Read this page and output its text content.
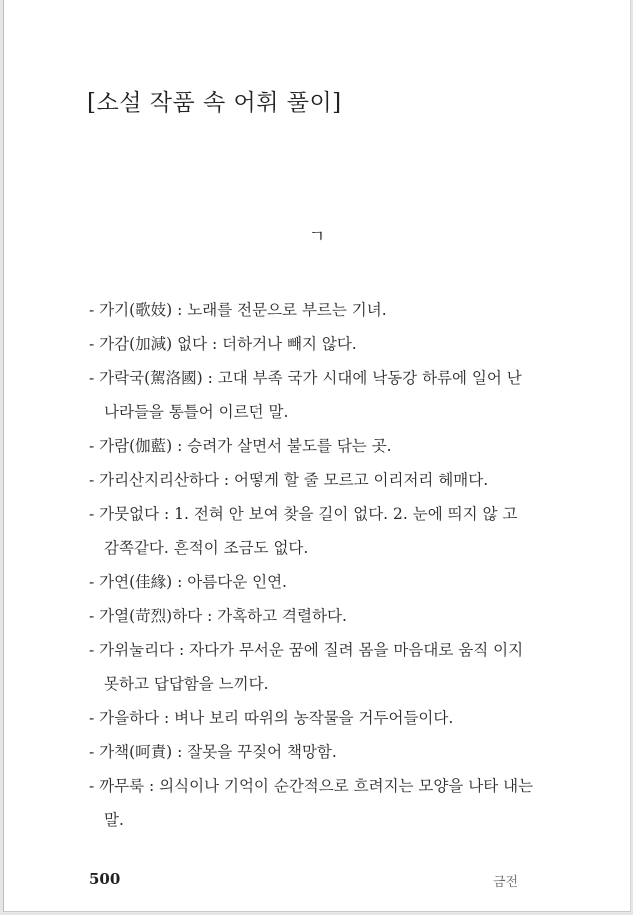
[소설 작품 속 어휘 풀이]
ㄱ
- 가기(歌妓) : 노래를 전문으로 부르는 기녀.
- 가감(加減) 없다 : 더하거나 빼지 않다.
- 가락국(駕洛國) : 고대 부족 국가 시대에 낙동강 하류에 일어 난 나라들을 통틀어 이르던 말.
- 가람(伽藍) : 승려가 살면서 불도를 닦는 곳.
- 가리산지리산하다 : 어떻게 할 줄 모르고 이리저리 헤매다.
- 가뭇없다 : 1. 전혀 안 보여 찾을 길이 없다. 2. 눈에 띄지 않 고 감쪽같다. 흔적이 조금도 없다.
- 가연(佳緣) : 아름다운 인연.
- 가열(苛烈)하다 : 가혹하고 격렬하다.
- 가위눌리다 : 자다가 무서운 꿈에 질려 몸을 마음대로 움직 이지 못하고 답답함을 느끼다.
- 가을하다 : 벼나 보리 따위의 농작물을 거두어들이다.
- 가책(呵責) : 잘못을 꾸짖어 책망함.
- 까무룩 : 의식이나 기억이 순간적으로 흐려지는 모양을 나타 내는 말.
500	금전
